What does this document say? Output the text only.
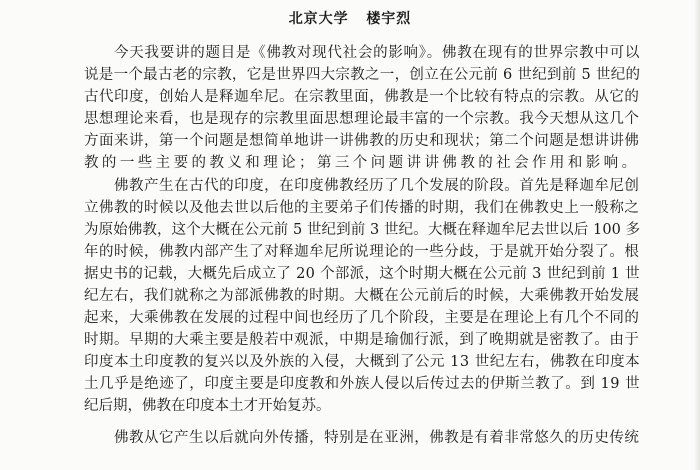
北京大学 楼宇烈
今天我要讲的题目是《佛教对现代社会的影响》。佛教在现有的世界宗教中可以
说是一个最古老的宗教，它是世界四大宗教之一，创立在公元前 6 世纪到前 5 世纪的
古代印度，创始人是释迦牟尼。在宗教里面，佛教是一个比较有特点的宗教。从它的
思想理论来看，也是现存的宗教里面思想理论最丰富的一个宗教。我今天想从这几个
方面来讲，第一个问题是想简单地讲一讲佛教的历史和现状；第二个问题是想讲讲佛
教的一些主要的教义和理论；第三个问题讲讲佛教的社会作用和影响。
佛教产生在古代的印度，在印度佛教经历了几个发展的阶段。首先是释迦牟尼创
立佛教的时候以及他去世以后他的主要弟子们传播的时期，我们在佛教史上一般称之
为原始佛教，这个大概在公元前 5 世纪到前 3 世纪。大概在释迦牟尼去世以后 100 多
年的时候，佛教内部产生了对释迦牟尼所说理论的一些分歧，于是就开始分裂了。根
据史书的记载，大概先后成立了 20 个部派，这个时期大概在公元前 3 世纪到前 1 世
纪左右，我们就称之为部派佛教的时期。大概在公元前后的时候，大乘佛教开始发展
起来，大乘佛教在发展的过程中间也经历了几个阶段，主要是在理论上有几个不同的
时期。早期的大乘主要是般若中观派，中期是瑜伽行派，到了晚期就是密教了。由于
印度本土印度教的复兴以及外族的入侵，大概到了公元 13 世纪左右，佛教在印度本
土几乎是绝迹了，印度主要是印度教和外族人侵以后传过去的伊斯兰教了。到 19 世
纪后期，佛教在印度本土才开始复苏。
佛教从它产生以后就向外传播，特别是在亚洲，佛教是有着非常悠久的历史传统
